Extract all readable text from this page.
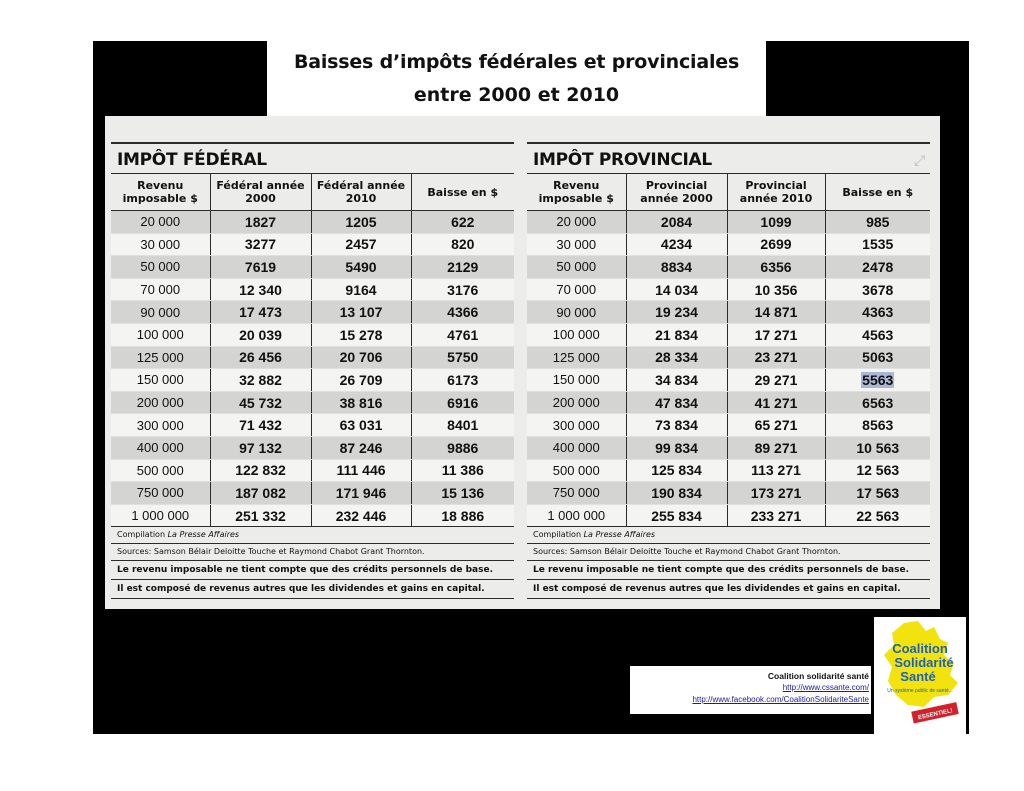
Baisses d’impôts fédérales et provinciales
entre 2000 et 2010
⤢
IMPÔT FÉDÉRAL
Revenu imposable $	Fédéral année 2000	Fédéral année 2010	Baisse en $
20 000	1827	1205	622
30 000	3277	2457	820
50 000	7619	5490	2129
70 000	12 340	9164	3176
90 000	17 473	13 107	4366
100 000	20 039	15 278	4761
125 000	26 456	20 706	5750
150 000	32 882	26 709	6173
200 000	45 732	38 816	6916
300 000	71 432	63 031	8401
400 000	97 132	87 246	9886
500 000	122 832	111 446	11 386
750 000	187 082	171 946	15 136
1 000 000	251 332	232 446	18 886
Compilation La Presse Affaires
Sources: Samson Bélair Deloitte Touche et Raymond Chabot Grant Thornton.
Le revenu imposable ne tient compte que des crédits personnels de base.
Il est composé de revenus autres que les dividendes et gains en capital.
IMPÔT PROVINCIAL
Revenu imposable $	Provincial année 2000	Provincial année 2010	Baisse en $
20 000	2084	1099	985
30 000	4234	2699	1535
50 000	8834	6356	2478
70 000	14 034	10 356	3678
90 000	19 234	14 871	4363
100 000	21 834	17 271	4563
125 000	28 334	23 271	5063
150 000	34 834	29 271	5563
200 000	47 834	41 271	6563
300 000	73 834	65 271	8563
400 000	99 834	89 271	10 563
500 000	125 834	113 271	12 563
750 000	190 834	173 271	17 563
1 000 000	255 834	233 271	22 563
Compilation La Presse Affaires
Sources: Samson Bélair Deloitte Touche et Raymond Chabot Grant Thornton.
Le revenu imposable ne tient compte que des crédits personnels de base.
Il est composé de revenus autres que les dividendes et gains en capital.
Coalition solidarité santé
http://www.cssante.com/
http://www.facebook.com/CoalitionSolidariteSante
Coalition
Solidarité
Santé
Un système public de santé...
ESSENTIEL!
